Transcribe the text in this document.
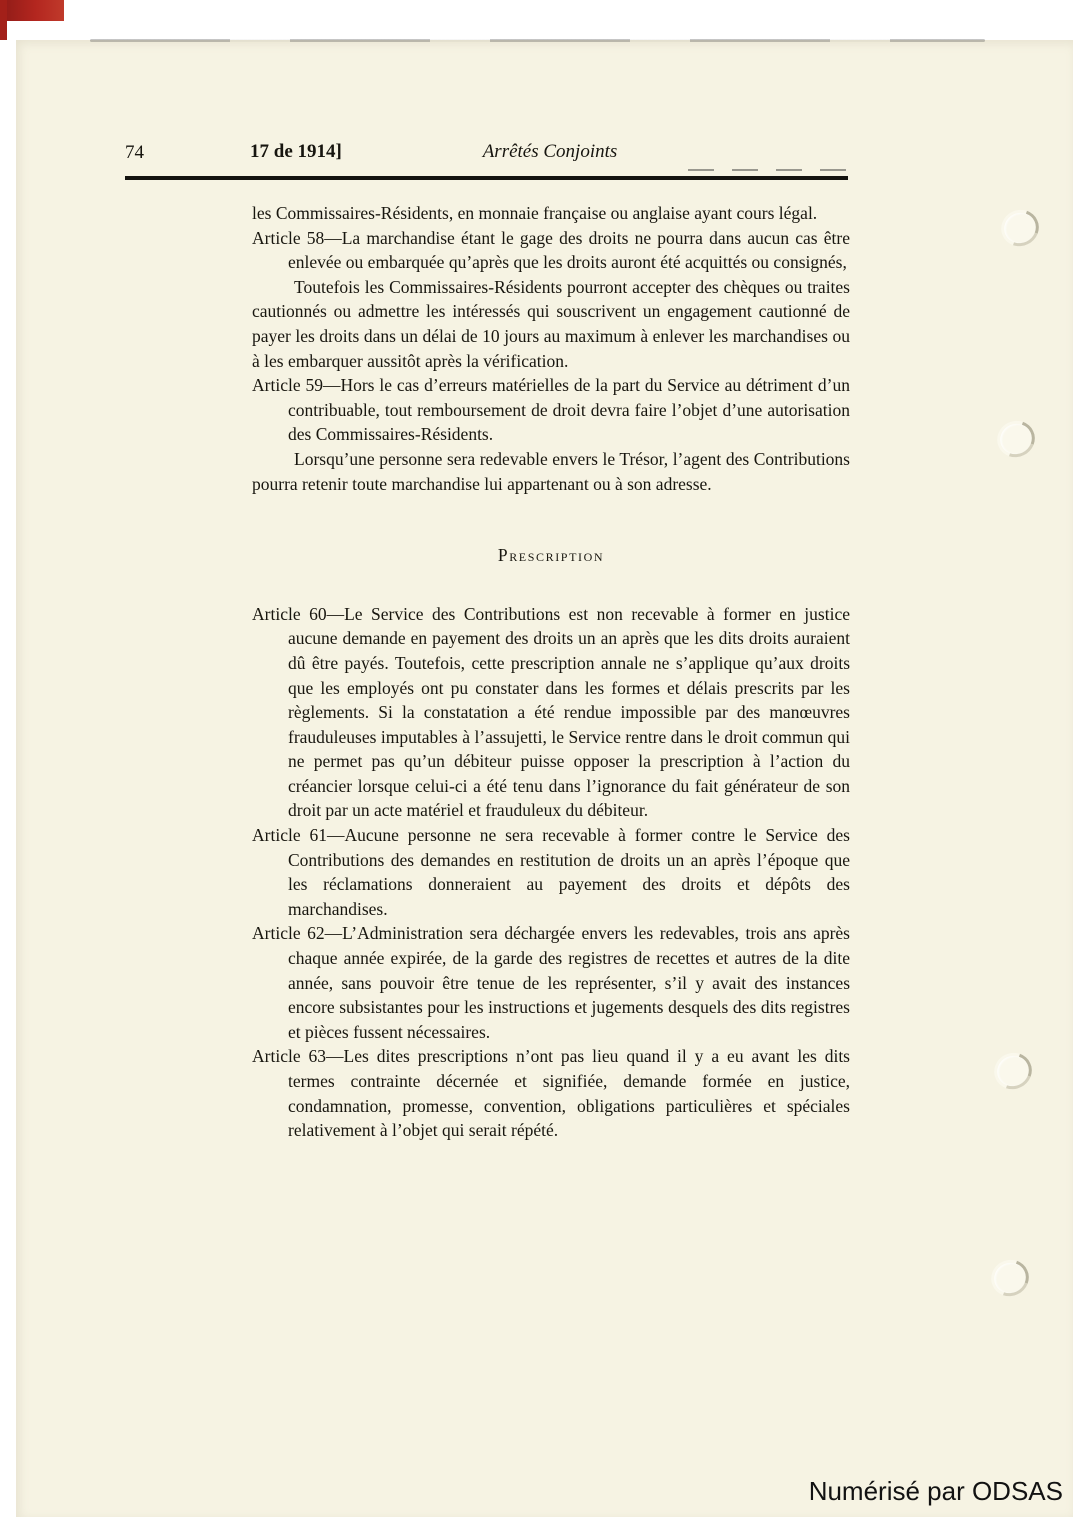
74	17 de 1914]	Arrêtés Conjoints

les Commissaires-Résidents, en monnaie française ou anglaise ayant cours légal.

Article 58—La marchandise étant le gage des droits ne pourra dans aucun cas être enlevée ou embarquée qu’après que les droits auront été acquittés ou consignés,

Toutefois les Commissaires-Résidents pourront accepter des chèques ou traites cautionnés ou admettre les intéressés qui souscrivent un engagement cautionné de payer les droits dans un délai de 10 jours au maximum à enlever les marchandises ou à les embarquer aussitôt après la vérification.

Article 59—Hors le cas d’erreurs matérielles de la part du Service au détriment d’un contribuable, tout remboursement de droit devra faire l’objet d’une autorisation des Commissaires-Résidents.

Lorsqu’une personne sera redevable envers le Trésor, l’agent des Contributions pourra retenir toute marchandise lui appartenant ou à son adresse.

Prescription

Article 60—Le Service des Contributions est non recevable à former en justice aucune demande en payement des droits un an après que les dits droits auraient dû être payés. Toutefois, cette prescription annale ne s’applique qu’aux droits que les employés ont pu constater dans les formes et délais prescrits par les règlements. Si la constatation a été rendue impossible par des manœuvres frauduleuses imputables à l’assujetti, le Service rentre dans le droit commun qui ne permet pas qu’un débiteur puisse opposer la prescription à l’action du créancier lorsque celui-ci a été tenu dans l’ignorance du fait générateur de son droit par un acte matériel et frauduleux du débiteur.

Article 61—Aucune personne ne sera recevable à former contre le Service des Contributions des demandes en restitution de droits un an après l’époque que les réclamations donneraient au payement des droits et dépôts des marchandises.

Article 62—L’Administration sera déchargée envers les redevables, trois ans après chaque année expirée, de la garde des registres de recettes et autres de la dite année, sans pouvoir être tenue de les représenter, s’il y avait des instances encore subsistantes pour les instructions et jugements desquels des dits registres et pièces fussent nécessaires.

Article 63—Les dites prescriptions n’ont pas lieu quand il y a eu avant les dits termes contrainte décernée et signifiée, demande formée en justice, condamnation, promesse, convention, obligations particulières et spéciales relativement à l’objet qui serait répété.

Numérisé par ODSAS
